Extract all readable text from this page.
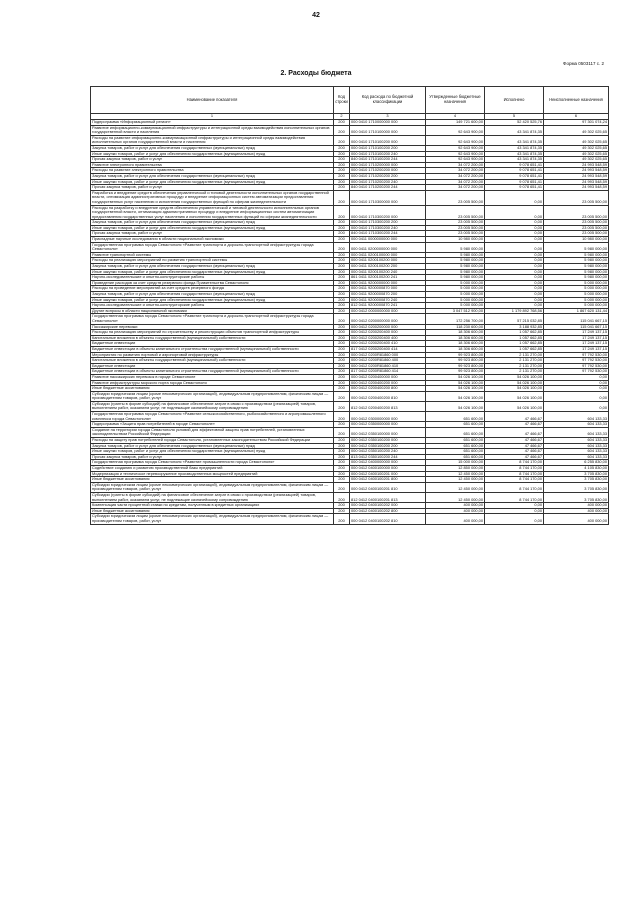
42
Форма 0503117 с. 2
2. Расходы бюджета
Наименование показателя	Код строки	Код расхода по бюджетной классификации	Утвержденные бюджетные назначения	Исполнено	Неисполненные назначения
1	2	3	4	5	6
Подпрограмма «Информационный регион»	200	000 0410 1710000000 000	149 721 600,00	52 420 525,76	97 301 074,24
Развитие информационно-коммуникационной инфраструктуры и интеграционной среды взаимодействия исполнительных органов государственной власти и населения	200	000 0410 1710100000 000	92 643 900,00	43 341 874,35	49 302 025,65
Расходы на развитие информационно-коммуникационной инфраструктуры и интеграционной среды взаимодействия исполнительных органов государственной власти и населения	200	000 0410 1710100200 000	92 643 900,00	43 341 874,35	49 302 025,65
Закупка товаров, работ и услуг для обеспечения государственных (муниципальных) нужд	200	000 0410 1710100200 200	92 643 900,00	43 341 874,35	49 302 025,65
Иные закупки товаров, работ и услуг для обеспечения государственных (муниципальных) нужд	200	000 0410 1710100200 240	92 643 900,00	43 341 874,35	49 302 025,65
Прочая закупка товаров, работ и услуг	200	840 0410 1710100200 244	92 643 900,00	43 341 874,35	49 302 025,65
Развитие электронного правительства	200	000 0410 1710200000 000	34 072 200,00	9 078 651,41	24 993 548,59
Расходы на развитие электронного правительства	200	000 0410 1710200200 000	34 072 200,00	9 078 651,41	24 993 548,59
Закупка товаров, работ и услуг для обеспечения государственных (муниципальных) нужд	200	000 0410 1710200200 200	34 072 200,00	9 078 651,41	24 993 548,59
Иные закупки товаров, работ и услуг для обеспечения государственных (муниципальных) нужд	200	000 0410 1710200200 240	34 072 200,00	9 078 651,41	24 993 548,59
Прочая закупка товаров, работ и услуг	200	840 0410 1710200200 244	34 072 200,00	9 078 651,41	24 993 548,59
Разработка и внедрение средств обеспечения управленческой и типовой деятельности исполнительных органов государственной власти, оптимизация административных процедур и внедрение информационных систем автоматизации предоставления государственных услуг населению и исполнения государственных функций по сферам жизнедеятельности	200	000 0410 1710300000 000	23 005 500,00	0,00	23 005 500,00
Расходы на разработку и внедрение средств обеспечения управленческой и типовой деятельности исполнительных органов государственной власти, оптимизация административных процедур и внедрение информационных систем автоматизации предоставления государственных услуг населению и исполнения государственных функций по сферам жизнедеятельности	200	000 0410 1710300200 000	23 005 500,00	0,00	23 005 500,00
Закупка товаров, работ и услуг для обеспечения государственных (муниципальных) нужд	200	000 0410 1710300200 200	23 005 500,00	0,00	23 005 500,00
Иные закупки товаров, работ и услуг для обеспечения государственных (муниципальных) нужд	200	000 0410 1710300200 240	23 005 500,00	0,00	23 005 500,00
Прочая закупка товаров, работ и услуг	200	840 0410 1710300200 244	23 005 500,00	0,00	23 005 500,00
Прикладные научные исследования в области национальной экономики	200	000 0411 0000000000 000	10 980 000,00	0,00	10 980 000,00
Государственная программа города Севастополя «Развитие транспорта и дорожно-транспортной инфраструктуры города Севастополя»	200	000 0411 0200000000 000	5 980 000,00	0,00	5 980 000,00
Развитие транспортной системы	200	000 0411 0200100000 000	5 980 000,00	0,00	5 980 000,00
Расходы на реализацию мероприятий по развитию транспортной системы	200	000 0411 0200100200 000	5 980 000,00	0,00	5 980 000,00
Закупка товаров, работ и услуг для обеспечения государственных (муниципальных) нужд	200	000 0411 0200100200 200	5 980 000,00	0,00	5 980 000,00
Иные закупки товаров, работ и услуг для обеспечения государственных (муниципальных) нужд	200	000 0411 0200100200 240	5 980 000,00	0,00	5 980 000,00
Научно-исследовательские и опытно-конструкторские работы	200	861 0411 0200100200 241	5 980 000,00	0,00	5 980 000,00
Проведение расходов за счет средств резервного фонда Правительства Севастополя	200	000 0411 9200000000 000	5 000 000,00	0,00	5 000 000,00
Расходы на проведение мероприятий за счет средств резервного фонда	200	000 0411 9200000870 000	5 000 000,00	0,00	5 000 000,00
Закупка товаров, работ и услуг для обеспечения государственных (муниципальных) нужд	200	000 0411 9200000870 200	5 000 000,00	0,00	5 000 000,00
Иные закупки товаров, работ и услуг для обеспечения государственных (муниципальных) нужд	200	000 0411 9200000870 240	5 000 000,00	0,00	5 000 000,00
Научно-исследовательские и опытно-конструкторские работы	200	812 0411 9200000870 241	5 000 000,00	0,00	5 000 000,00
Другие вопросы в области национальной экономики	200	000 0412 0000000000 000	3 047 512 900,00	1 179 892 768,56	1 867 620 131,44
Государственная программа города Севастополя «Развитие транспорта и дорожно-транспортной инфраструктуры города Севастополя»	200	000 0412 0200000000 000	172 256 700,00	57 215 032,85	115 041 667,15
Пассажирские перевозки	200	000 0412 0200200000 000	118 230 600,00	3 188 932,85	115 041 667,15
Расходы на реализацию мероприятий по строительству и реконструкции объектов транспортной инфраструктуры	200	000 0412 0200200400 000	18 306 600,00	1 057 662,85	17 249 137,15
Капитальные вложения в объекты государственной (муниципальной) собственности	200	000 0412 0200200400 400	18 306 600,00	1 057 662,85	17 249 137,15
Бюджетные инвестиции	200	000 0412 0200200400 410	18 306 600,00	1 057 662,85	17 249 137,15
Бюджетные инвестиции в объекты капитального строительства государственной (муниципальной) собственности	200	817 0412 0200200400 414	18 306 600,00	1 057 662,85	17 249 137,15
Мероприятия по развитию портовой и аэропортовой инфраструктуры	200	000 0412 0200R81860 000	99 923 800,00	2 131 270,00	97 792 530,00
Капитальные вложения в объекты государственной (муниципальной) собственности	200	000 0412 0200R81860 400	99 923 800,00	2 131 270,00	97 792 530,00
Бюджетные инвестиции	200	000 0412 0200R81860 410	99 923 800,00	2 131 270,00	97 792 530,00
Бюджетные инвестиции в объекты капитального строительства государственной (муниципальной) собственности	200	817 0412 0200R81860 414	99 923 800,00	2 131 270,00	97 792 530,00
Развитие пассажирских перевозок в городе Севастополе	200	000 0412 0200400000 000	54 026 100,00	54 026 100,00	0,00
Развитие инфраструктуры морского порта города Севастополя	200	000 0412 0200400200 000	54 026 100,00	54 026 100,00	0,00
Иные бюджетные ассигнования	200	000 0412 0200400200 800	54 026 100,00	54 026 100,00	0,00
Субсидии юридическим лицам (кроме некоммерческих организаций), индивидуальным предпринимателям, физическим лицам — производителям товаров, работ, услуг	200	000 0412 0200400200 810	54 026 100,00	54 026 100,00	0,00
Субсидии (гранты в форме субсидий) на финансовое обеспечение затрат в связи с производством (реализацией) товаров, выполнением работ, оказанием услуг, не подлежащие казначейскому сопровождению	200	812 0412 0200400200 813	54 026 100,00	54 026 100,00	0,00
Государственная программа города Севастополя «Развитие сельскохозяйственного, рыбохозяйственного и агропромышленного комплекса города Севастополя»	200	000 0412 0300000000 000	651 600,00	47 466,67	604 133,33
Подпрограмма «Защита прав потребителей в городе Севастополе»	200	000 0412 0350000000 000	651 600,00	47 466,67	604 133,33
Создание на территории города Севастополя условий для эффективной защиты прав потребителей, установленных законодательством Российской Федерации	200	000 0412 0350100000 000	651 600,00	47 466,67	604 133,33
Расходы на защиту прав потребителей города Севастополя, установленных законодательством Российской Федерации	200	000 0412 0350100200 000	651 600,00	47 466,67	604 133,33
Закупка товаров, работ и услуг для обеспечения государственных (муниципальных) нужд	200	000 0412 0350100200 200	651 600,00	47 466,67	604 133,33
Иные закупки товаров, работ и услуг для обеспечения государственных (муниципальных) нужд	200	000 0412 0350100200 240	651 600,00	47 466,67	604 133,33
Прочая закупка товаров, работ и услуг	200	813 0412 0350100200 244	651 600,00	47 466,67	604 133,33
Государственная программа города Севастополя «Развитие промышленности города Севастополя»	200	000 0412 0400000000 000	15 000 000,00	8 744 170,00	6 255 830,00
Содействие созданию и развитию производственной базы предприятий	200	000 0412 0400100000 000	12 850 000,00	8 744 170,00	4 105 830,00
Модернизация и техническое перевооружение производственных мощностей предприятий	200	000 0412 0400100201 000	12 450 000,00	8 744 170,00	3 705 830,00
Иные бюджетные ассигнования	200	000 0412 0400100201 800	12 450 000,00	8 744 170,00	3 705 830,00
Субсидии юридическим лицам (кроме некоммерческих организаций), индивидуальным предпринимателям, физическим лицам — производителям товаров, работ, услуг	200	000 0412 0400100201 810	12 450 000,00	8 744 170,00	3 705 830,00
Субсидии (гранты в форме субсидий) на финансовое обеспечение затрат в связи с производством (реализацией) товаров, выполнением работ, оказанием услуг, не подлежащие казначейскому сопровождению	200	812 0412 0400100201 813	12 450 000,00	8 744 170,00	3 705 830,00
Компенсация части процентной ставки по кредитам, полученным в кредитных организациях	200	000 0412 0400100202 000	400 000,00	0,00	400 000,00
Иные бюджетные ассигнования	200	000 0412 0400100202 800	400 000,00	0,00	400 000,00
Субсидии юридическим лицам (кроме некоммерческих организаций), индивидуальным предпринимателям, физическим лицам — производителям товаров, работ, услуг	200	000 0412 0400100202 810	400 000,00	0,00	400 000,00
